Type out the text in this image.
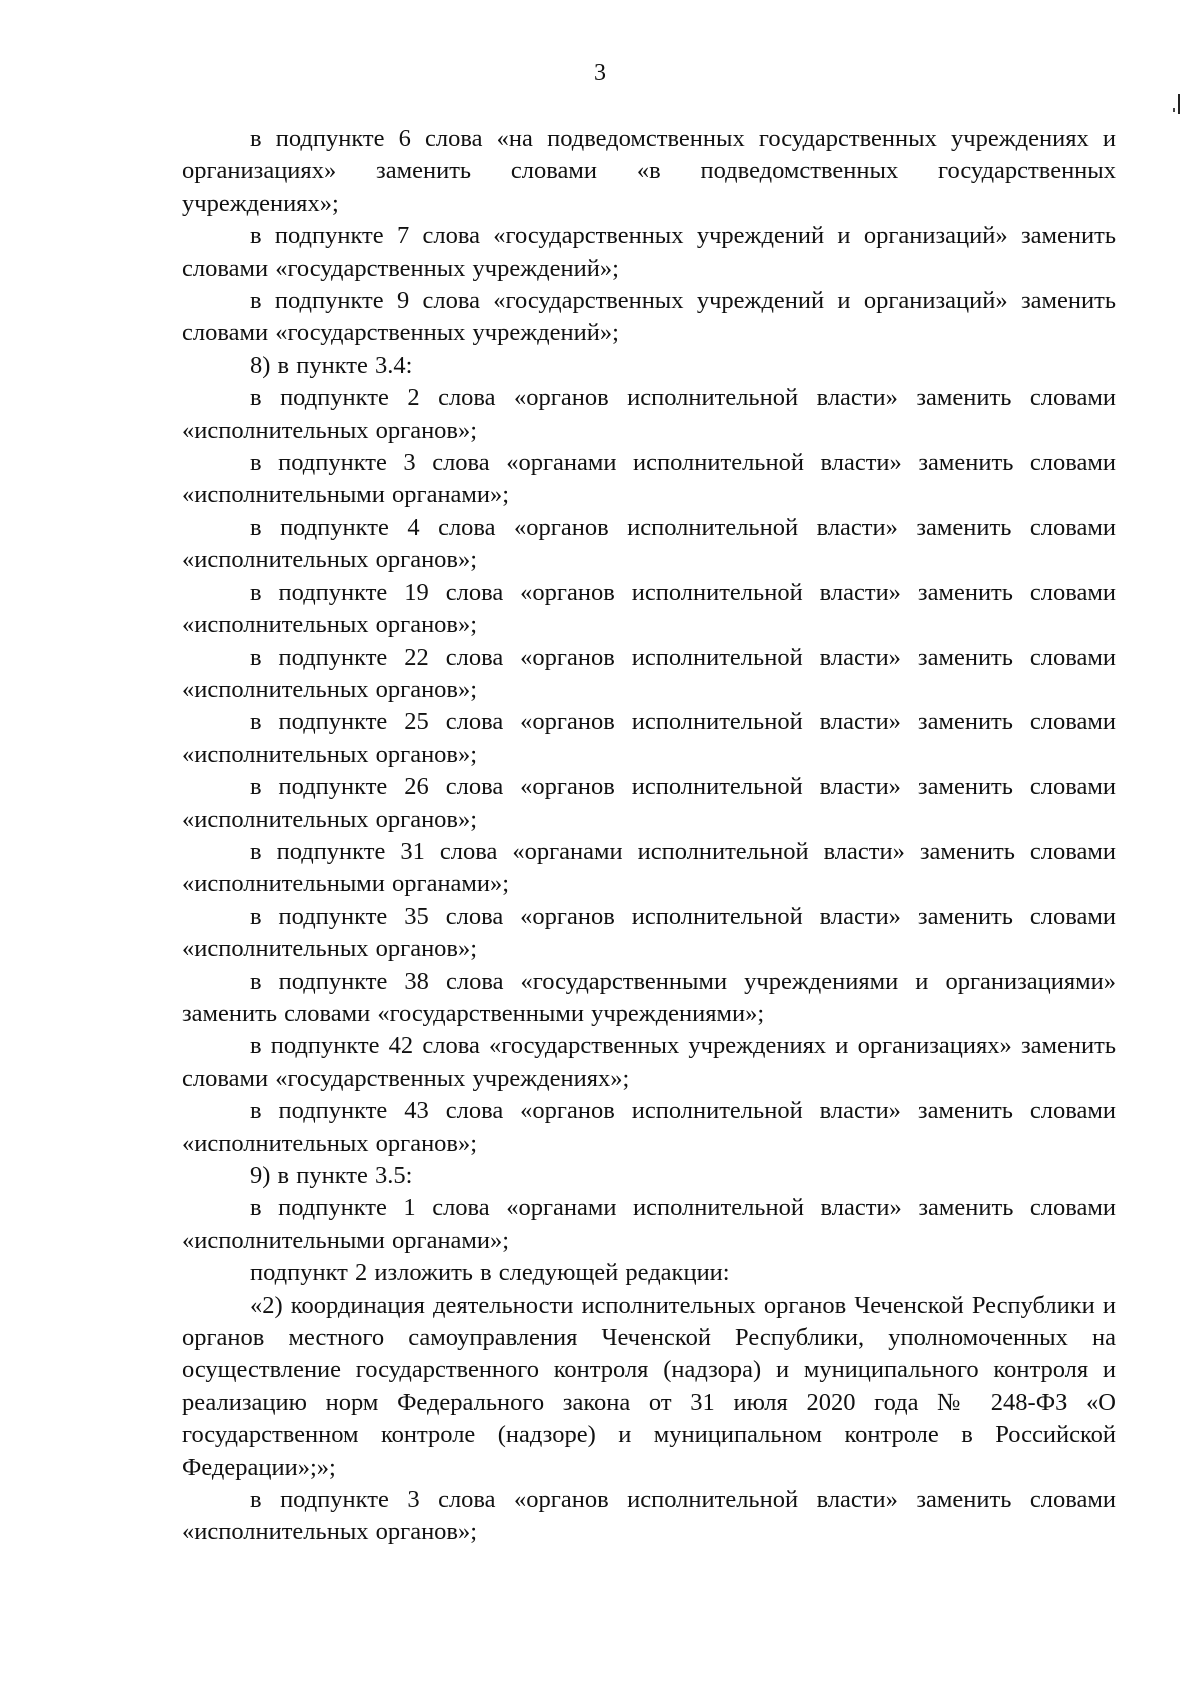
3

в подпункте 6 слова «на подведомственных государственных учреждениях и организациях» заменить словами «в подведомственных государственных учреждениях»;

в подпункте 7 слова «государственных учреждений и организаций» заменить словами «государственных учреждений»;

в подпункте 9 слова «государственных учреждений и организаций» заменить словами «государственных учреждений»;

8) в пункте 3.4:

в подпункте 2 слова «органов исполнительной власти» заменить словами «исполнительных органов»;

в подпункте 3 слова «органами исполнительной власти» заменить словами «исполнительными органами»;

в подпункте 4 слова «органов исполнительной власти» заменить словами «исполнительных органов»;

в подпункте 19 слова «органов исполнительной власти» заменить словами «исполнительных органов»;

в подпункте 22 слова «органов исполнительной власти» заменить словами «исполнительных органов»;

в подпункте 25 слова «органов исполнительной власти» заменить словами «исполнительных органов»;

в подпункте 26 слова «органов исполнительной власти» заменить словами «исполнительных органов»;

в подпункте 31 слова «органами исполнительной власти» заменить словами «исполнительными органами»;

в подпункте 35 слова «органов исполнительной власти» заменить словами «исполнительных органов»;

в подпункте 38 слова «государственными учреждениями и организациями» заменить словами «государственными учреждениями»;

в подпункте 42 слова «государственных учреждениях и организациях» заменить словами «государственных учреждениях»;

в подпункте 43 слова «органов исполнительной власти» заменить словами «исполнительных органов»;

9) в пункте 3.5:

в подпункте 1 слова «органами исполнительной власти» заменить словами «исполнительными органами»;

подпункт 2 изложить в следующей редакции:

«2) координация деятельности исполнительных органов Чеченской Республики и органов местного самоуправления Чеченской Республики, уполномоченных на осуществление государственного контроля (надзора) и муниципального контроля и реализацию норм Федерального закона от 31 июля 2020 года № 248-ФЗ «О государственном контроле (надзоре) и муниципальном контроле в Российской Федерации»;»;

в подпункте 3 слова «органов исполнительной власти» заменить словами «исполнительных органов»;
